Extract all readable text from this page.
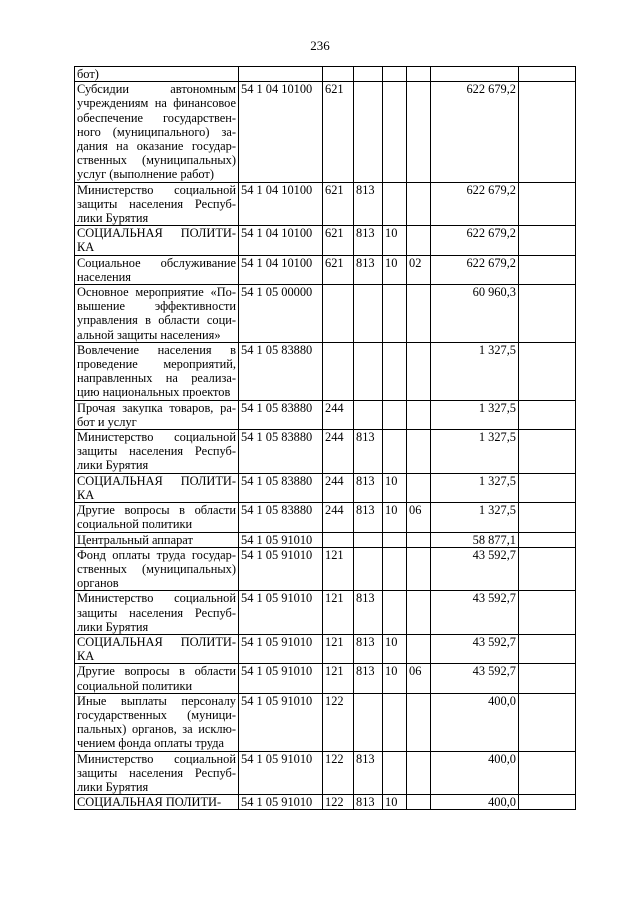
236
бот)							
Субсидии автономным учреждениям на финансовое обеспечение государствен-ного (муниципального) за-дания на оказание государ-ственных (муниципальных) услуг (выполнение работ)	54 1 04 10100	621				622 679,2	
Министерство социальной защиты населения Респуб-лики Бурятия	54 1 04 10100	621	813			622 679,2	
СОЦИАЛЬНАЯ ПОЛИТИ-КА	54 1 04 10100	621	813	10		622 679,2	
Социальное обслуживание населения	54 1 04 10100	621	813	10	02	622 679,2	
Основное мероприятие «По-вышение эффективности управления в области соци-альной защиты населения»	54 1 05 00000					60 960,3	
Вовлечение населения в проведение мероприятий, направленных на реализа-цию национальных проектов	54 1 05 83880					1 327,5	
Прочая закупка товаров, ра-бот и услуг	54 1 05 83880	244				1 327,5	
Министерство социальной защиты населения Респуб-лики Бурятия	54 1 05 83880	244	813			1 327,5	
СОЦИАЛЬНАЯ ПОЛИТИ-КА	54 1 05 83880	244	813	10		1 327,5	
Другие вопросы в области социальной политики	54 1 05 83880	244	813	10	06	1 327,5	
Центральный аппарат	54 1 05 91010					58 877,1	
Фонд оплаты труда государ-ственных (муниципальных) органов	54 1 05 91010	121				43 592,7	
Министерство социальной защиты населения Респуб-лики Бурятия	54 1 05 91010	121	813			43 592,7	
СОЦИАЛЬНАЯ ПОЛИТИ-КА	54 1 05 91010	121	813	10		43 592,7	
Другие вопросы в области социальной политики	54 1 05 91010	121	813	10	06	43 592,7	
Иные выплаты персоналу государственных (муници-пальных) органов, за исклю-чением фонда оплаты труда	54 1 05 91010	122				400,0	
Министерство социальной защиты населения Респуб-лики Бурятия	54 1 05 91010	122	813			400,0	
СОЦИАЛЬНАЯ ПОЛИТИ-	54 1 05 91010	122	813	10		400,0	
